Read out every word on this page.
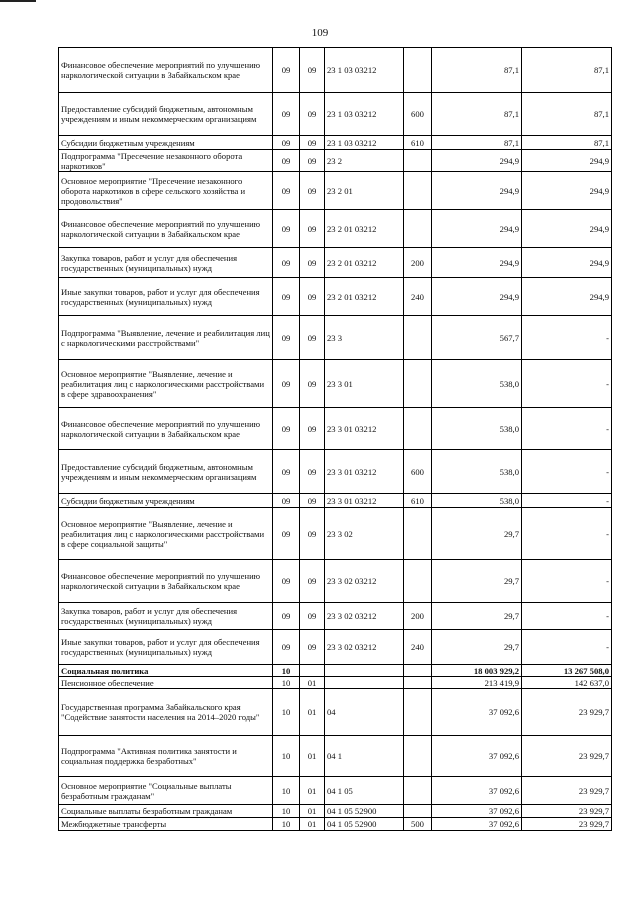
109
Финансовое обеспечение мероприятий по улучшению наркологической ситуации в Забайкальском крае	09	09	23 1 03 03212		87,1	87,1
Предоставление субсидий бюджетным, автономным учреждениям и иным некоммерческим организациям	09	09	23 1 03 03212	600	87,1	87,1
Субсидии бюджетным учреждениям	09	09	23 1 03 03212	610	87,1	87,1
Подпрограмма "Пресечение незаконного оборота наркотиков"	09	09	23 2		294,9	294,9
Основное мероприятие "Пресечение незаконного оборота наркотиков в сфере сельского хозяйства и продовольствия"	09	09	23 2 01		294,9	294,9
Финансовое обеспечение мероприятий по улучшению наркологической ситуации в Забайкальском крае	09	09	23 2 01 03212		294,9	294,9
Закупка товаров, работ и услуг для обеспечения государственных (муниципальных) нужд	09	09	23 2 01 03212	200	294,9	294,9
Иные закупки товаров, работ и услуг для обеспечения государственных (муниципальных) нужд	09	09	23 2 01 03212	240	294,9	294,9
Подпрограмма "Выявление, лечение и реабилитация лиц с наркологическими расстройствами"	09	09	23 3		567,7	-
Основное мероприятие "Выявление, лечение и реабилитация лиц с наркологическими расстройствами в сфере здравоохранения"	09	09	23 3 01		538,0	-
Финансовое обеспечение мероприятий по улучшению наркологической ситуации в Забайкальском крае	09	09	23 3 01 03212		538,0	-
Предоставление субсидий бюджетным, автономным учреждениям и иным некоммерческим организациям	09	09	23 3 01 03212	600	538,0	-
Субсидии бюджетным учреждениям	09	09	23 3 01 03212	610	538,0	-
Основное мероприятие "Выявление, лечение и реабилитация лиц с наркологическими расстройствами в сфере социальной защиты"	09	09	23 3 02		29,7	-
Финансовое обеспечение мероприятий по улучшению наркологической ситуации в Забайкальском крае	09	09	23 3 02 03212		29,7	-
Закупка товаров, работ и услуг для обеспечения государственных (муниципальных) нужд	09	09	23 3 02 03212	200	29,7	-
Иные закупки товаров, работ и услуг для обеспечения государственных (муниципальных) нужд	09	09	23 3 02 03212	240	29,7	-
Социальная политика	10				18 003 929,2	13 267 508,0
Пенсионное обеспечение	10	01			213 419,9	142 637,0
Государственная программа Забайкальского края "Содействие занятости населения на 2014–2020 годы"	10	01	04		37 092,6	23 929,7
Подпрограмма "Активная политика занятости и социальная поддержка безработных"	10	01	04 1		37 092,6	23 929,7
Основное мероприятие "Социальные выплаты безработным гражданам"	10	01	04 1 05		37 092,6	23 929,7
Социальные выплаты безработным гражданам	10	01	04 1 05 52900		37 092,6	23 929,7
Межбюджетные трансферты	10	01	04 1 05 52900	500	37 092,6	23 929,7
